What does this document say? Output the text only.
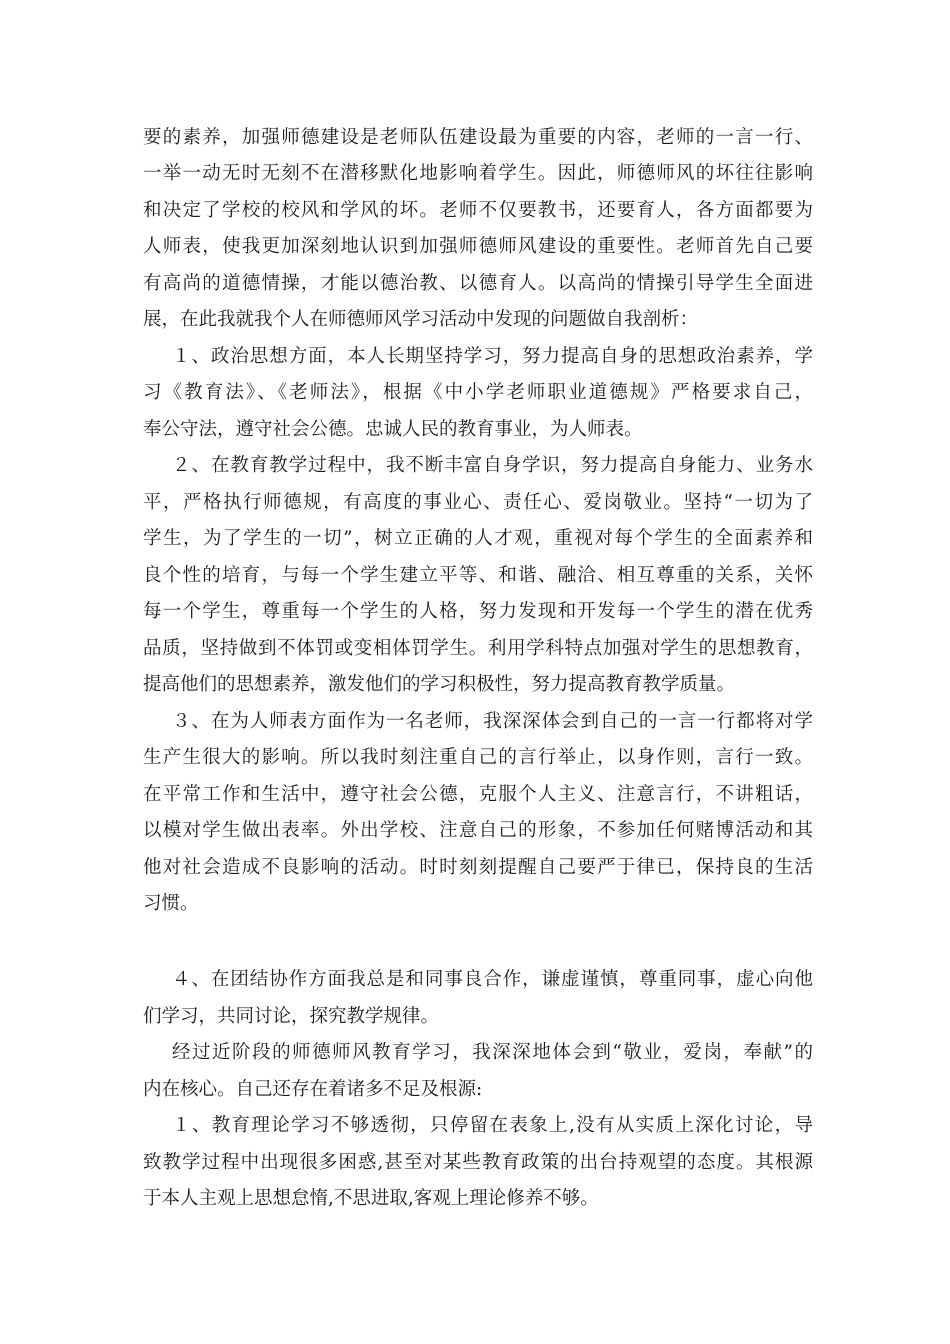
要的素养，加强师德建设是老师队伍建设最为重要的内容，老师的一言一行、
一举一动无时无刻不在潜移默化地影响着学生。因此，师德师风的坏往往影响
和决定了学校的校风和学风的坏。老师不仅要教书，还要育人，各方面都要为
人师表，使我更加深刻地认识到加强师德师风建设的重要性。老师首先自己要
有高尚的道德情操，才能以德治教、以德育人。以高尚的情操引导学生全面进
展，在此我就我个人在师德师风学习活动中发现的问题做自我剖析：
１、政治思想方面，本人长期坚持学习，努力提高自身的思想政治素养，学
习《教育法》、《老师法》，根据《中小学老师职业道德规》严格要求自己，
奉公守法，遵守社会公德。忠诚人民的教育事业，为人师表。
２、在教育教学过程中，我不断丰富自身学识，努力提高自身能力、业务水
平，严格执行师德规，有高度的事业心、责任心、爱岗敬业。坚持“一切为了
学生，为了学生的一切”，树立正确的人才观，重视对每个学生的全面素养和
良个性的培育，与每一个学生建立平等、和谐、融洽、相互尊重的关系，关怀
每一个学生，尊重每一个学生的人格，努力发现和开发每一个学生的潜在优秀
品质，坚持做到不体罚或变相体罚学生。利用学科特点加强对学生的思想教育，
提高他们的思想素养，激发他们的学习积极性，努力提高教育教学质量。
３、在为人师表方面作为一名老师，我深深体会到自己的一言一行都将对学
生产生很大的影响。所以我时刻注重自己的言行举止，以身作则，言行一致。
在平常工作和生活中，遵守社会公德，克服个人主义、注意言行，不讲粗话，
以模对学生做出表率。外出学校、注意自己的形象，不参加任何赌博活动和其
他对社会造成不良影响的活动。时时刻刻提醒自己要严于律已，保持良的生活
习惯。
４、在团结协作方面我总是和同事良合作，谦虚谨慎，尊重同事，虚心向他
们学习，共同讨论，探究教学规律。
经过近阶段的师德师风教育学习，我深深地体会到“敬业，爱岗，奉献”的
内在核心。自己还存在着诸多不足及根源:
１、教育理论学习不够透彻，只停留在表象上,没有从实质上深化讨论，导
致教学过程中出现很多困惑,甚至对某些教育政策的出台持观望的态度。其根源
于本人主观上思想怠惰,不思进取,客观上理论修养不够。
